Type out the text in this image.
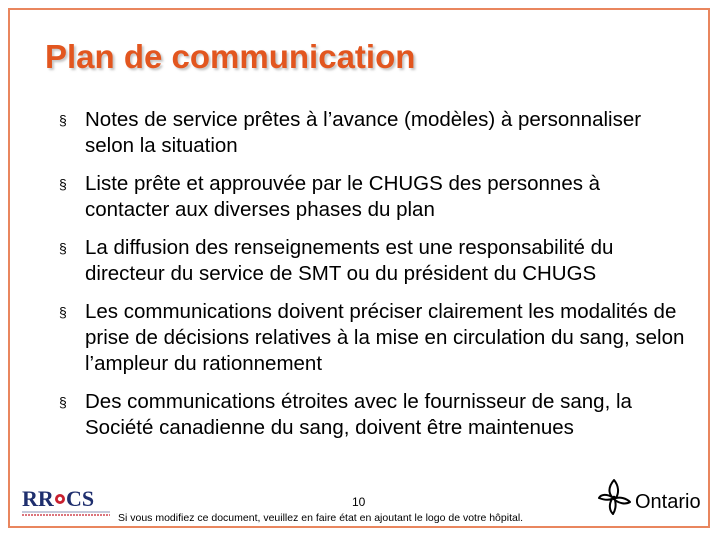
Plan de communication
§ Notes de service prêtes à l’avance (modèles) à personnaliser selon la situation
§ Liste prête et approuvée par le CHUGS des personnes à contacter aux diverses phases du plan
§ La diffusion des renseignements est une responsabilité du directeur du service de SMT ou du président du CHUGS
§ Les communications doivent préciser clairement les modalités de prise de décisions relatives à la mise en circulation du sang, selon l’ampleur du rationnement
§ Des communications étroites avec le fournisseur de sang, la Société canadienne du sang, doivent être maintenues
RR CS	10
Si vous modifiez ce document, veuillez en faire état en ajoutant le logo de votre hôpital.
Ontario
